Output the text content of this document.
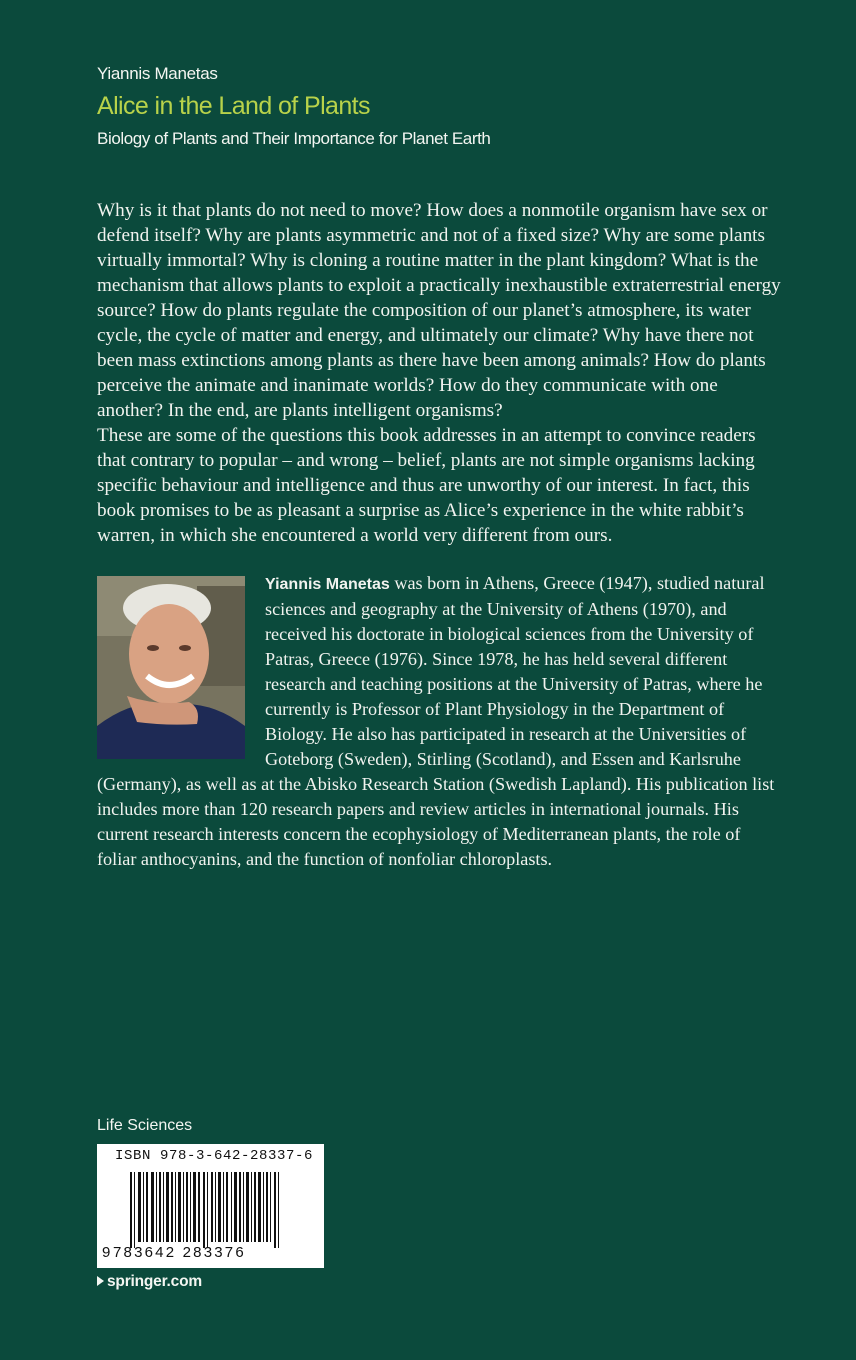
Yiannis Manetas
Alice in the Land of Plants
Biology of Plants and Their Importance for Planet Earth

Why is it that plants do not need to move? How does a nonmotile organism have sex or defend itself? Why are plants asymmetric and not of a fixed size? Why are some plants virtually immortal? Why is cloning a routine matter in the plant kingdom? What is the mechanism that allows plants to exploit a practically inexhaustible extraterrestrial energy source? How do plants regulate the composition of our planet’s atmosphere, its water cycle, the cycle of matter and energy, and ultimately our climate? Why have there not been mass extinctions among plants as there have been among animals? How do plants perceive the animate and inanimate worlds? How do they communicate with one another? In the end, are plants intelligent organisms?

These are some of the questions this book addresses in an attempt to convince readers that contrary to popular – and wrong – belief, plants are not simple organisms lacking specific behaviour and intelligence and thus are unworthy of our interest. In fact, this book promises to be as pleasant a surprise as Alice’s experience in the white rabbit’s warren, in which she encountered a world very different from ours.

Yiannis Manetas was born in Athens, Greece (1947), studied natural sciences and geography at the University of Athens (1970), and received his doctorate in biological sciences from the University of Patras, Greece (1976). Since 1978, he has held several different research and teaching positions at the University of Patras, where he currently is Professor of Plant Physiology in the Department of Biology. He also has participated in research at the Universities of Goteborg (Sweden), Stirling (Scotland), and Essen and Karlsruhe (Germany), as well as at the Abisko Research Station (Swedish Lapland). His publication list includes more than 120 research papers and review articles in international journals. His current research interests concern the ecophysiology of Mediterranean plants, the role of foliar anthocyanins, and the function of nonfoliar chloroplasts.
Life Sciences
ISBN 978-3-642-28337-6
9 783642 283376
springer.com
